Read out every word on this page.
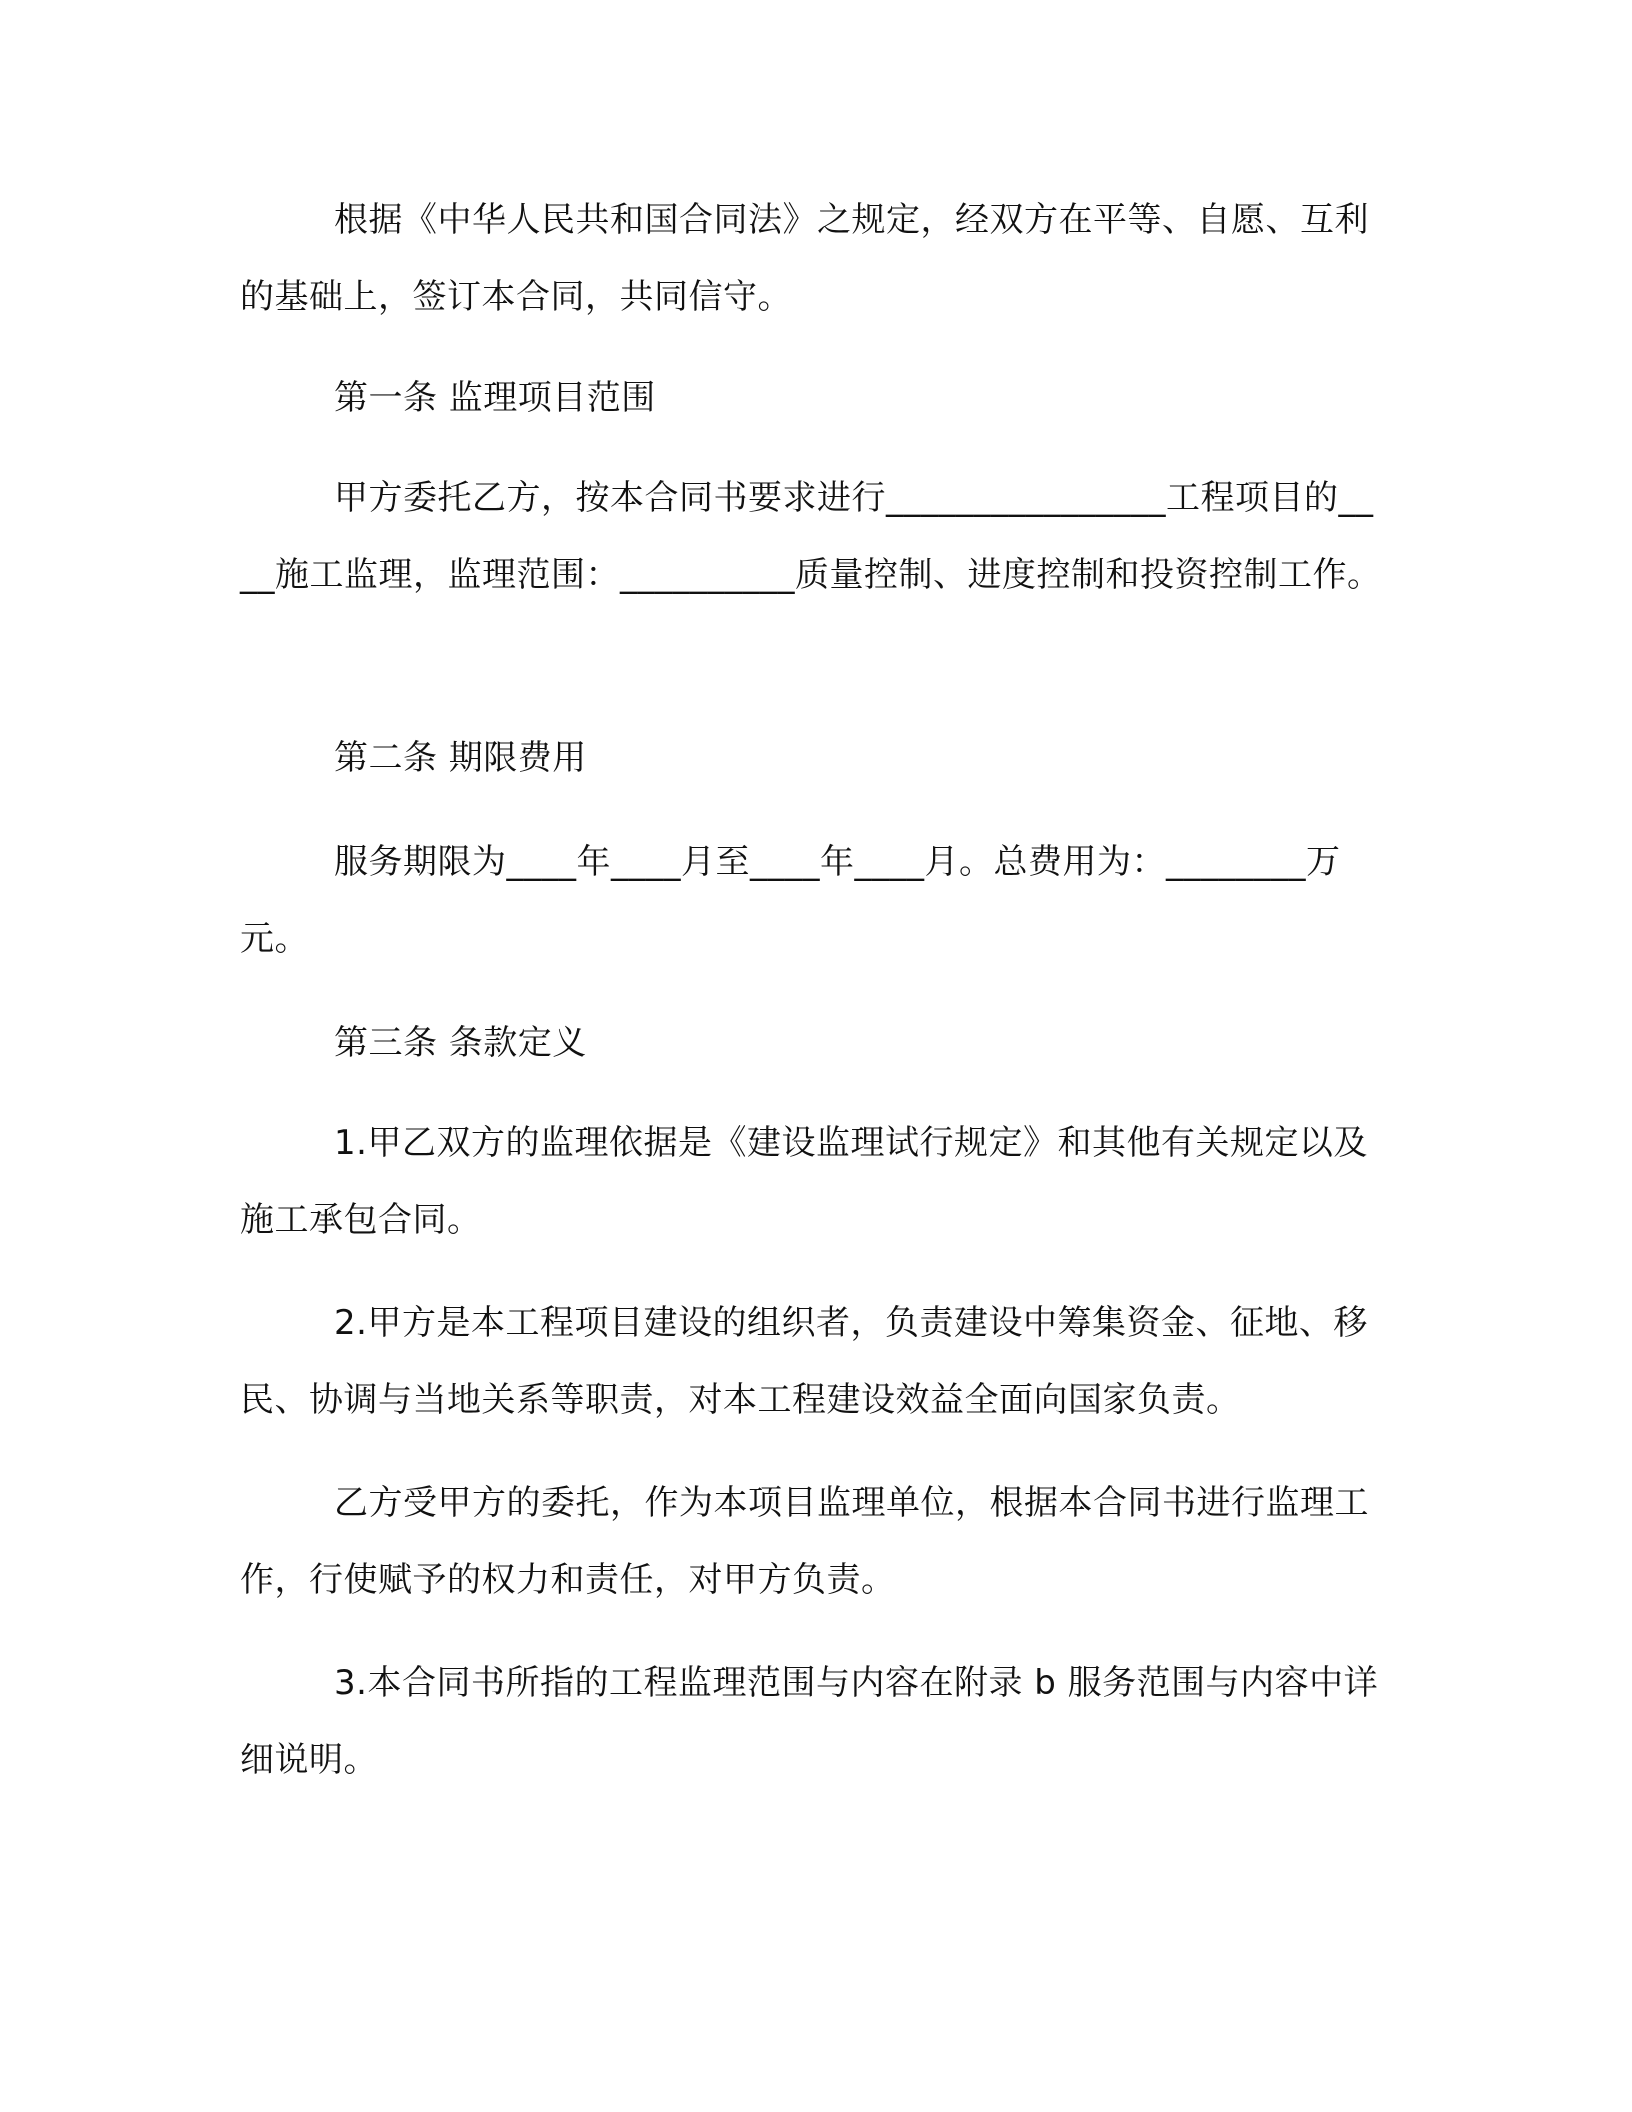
根据《中华人民共和国合同法》之规定，经双方在平等、自愿、互利的基础上，签订本合同，共同信守。

第一条 监理项目范围

甲方委托乙方，按本合同书要求进行________________工程项目的____施工监理，监理范围：__________质量控制、进度控制和投资控制工作。

第二条 期限费用

服务期限为____年____月至____年____月。总费用为：________万元。

第三条 条款定义

1.甲乙双方的监理依据是《建设监理试行规定》和其他有关规定以及施工承包合同。

2.甲方是本工程项目建设的组织者，负责建设中筹集资金、征地、移民、协调与当地关系等职责，对本工程建设效益全面向国家负责。

乙方受甲方的委托，作为本项目监理单位，根据本合同书进行监理工作，行使赋予的权力和责任，对甲方负责。

3.本合同书所指的工程监理范围与内容在附录 b 服务范围与内容中详细说明。
